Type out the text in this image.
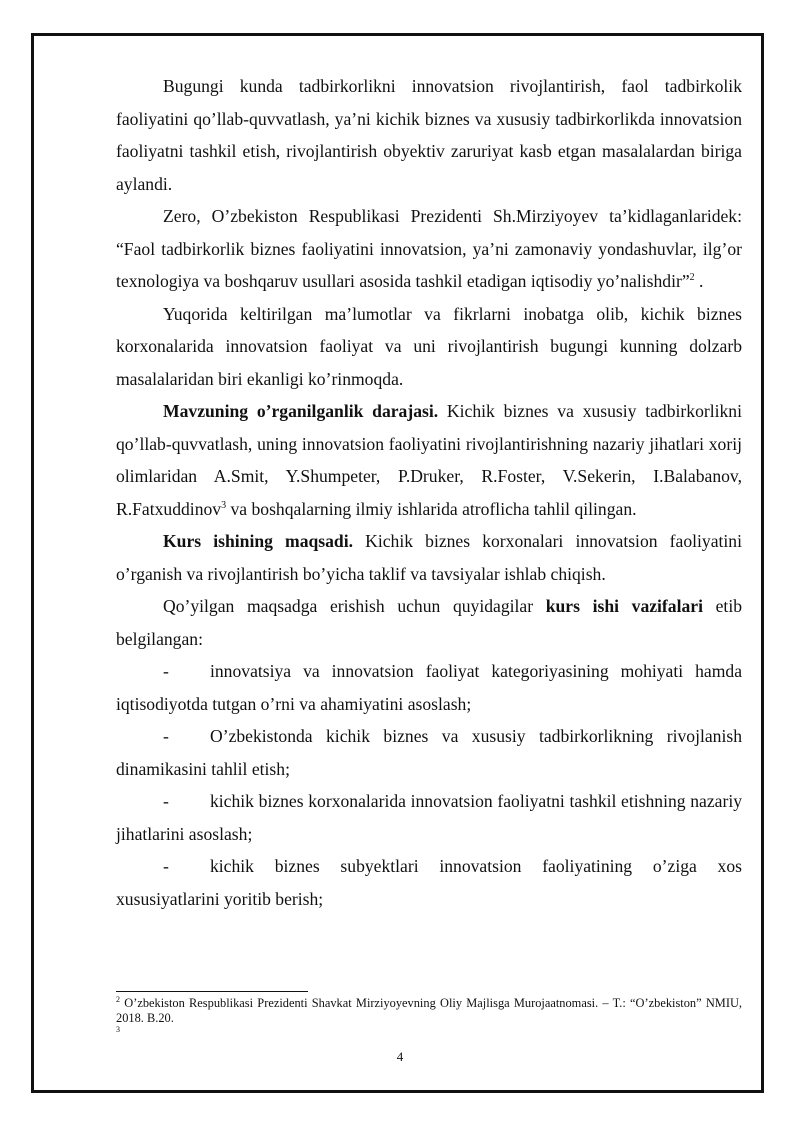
Bugungi kunda tadbirkorlikni innovatsion rivojlantirish, faol tadbirkolik faoliyatini qo’llab-quvvatlash, ya’ni kichik biznes va xususiy tadbirkorlikda innovatsion faoliyatni tashkil etish, rivojlantirish obyektiv zaruriyat kasb etgan masalalardan biriga aylandi.

Zero, O’zbekiston Respublikasi Prezidenti Sh.Mirziyoyev ta’kidlaganlaridek: “Faol tadbirkorlik biznes faoliyatini innovatsion, ya’ni zamonaviy yondashuvlar, ilg’or texnologiya va boshqaruv usullari asosida tashkil etadigan iqtisodiy yo’nalishdir”$^2$ .

Yuqorida keltirilgan ma’lumotlar va fikrlarni inobatga olib, kichik biznes korxonalarida innovatsion faoliyat va uni rivojlantirish bugungi kunning dolzarb masalalaridan biri ekanligi ko’rinmoqda.

Mavzuning o’rganilganlik darajasi. Kichik biznes va xususiy tadbirkorlikni qo’llab-quvvatlash, uning innovatsion faoliyatini rivojlantirishning nazariy jihatlari xorij olimlaridan A.Smit, Y.Shumpeter, P.Druker, R.Foster, V.Sekerin, I.Balabanov, R.Fatxuddinov$^3$ va boshqalarning ilmiy ishlarida atroflicha tahlil qilingan.

Kurs ishining maqsadi. Kichik biznes korxonalari innovatsion faoliyatini o’rganish va rivojlantirish bo’yicha taklif va tavsiyalar ishlab chiqish.

Qo’yilgan maqsadga erishish uchun quyidagilar kurs ishi vazifalari etib belgilangan:

- innovatsiya va innovatsion faoliyat kategoriyasining mohiyati hamda iqtisodiyotda tutgan o’rni va ahamiyatini asoslash;

- O’zbekistonda kichik biznes va xususiy tadbirkorlikning rivojlanish dinamikasini tahlil etish;

- kichik biznes korxonalarida innovatsion faoliyatni tashkil etishning nazariy jihatlarini asoslash;

- kichik biznes subyektlari innovatsion faoliyatining o’ziga xos xususiyatlarini yoritib berish;

$^2$ O’zbekiston Respublikasi Prezidenti Shavkat Mirziyoyevning Oliy Majlisga Murojaatnomasi. – T.: “O’zbekiston” NMIU, 2018. B.20.

$^3$

4
